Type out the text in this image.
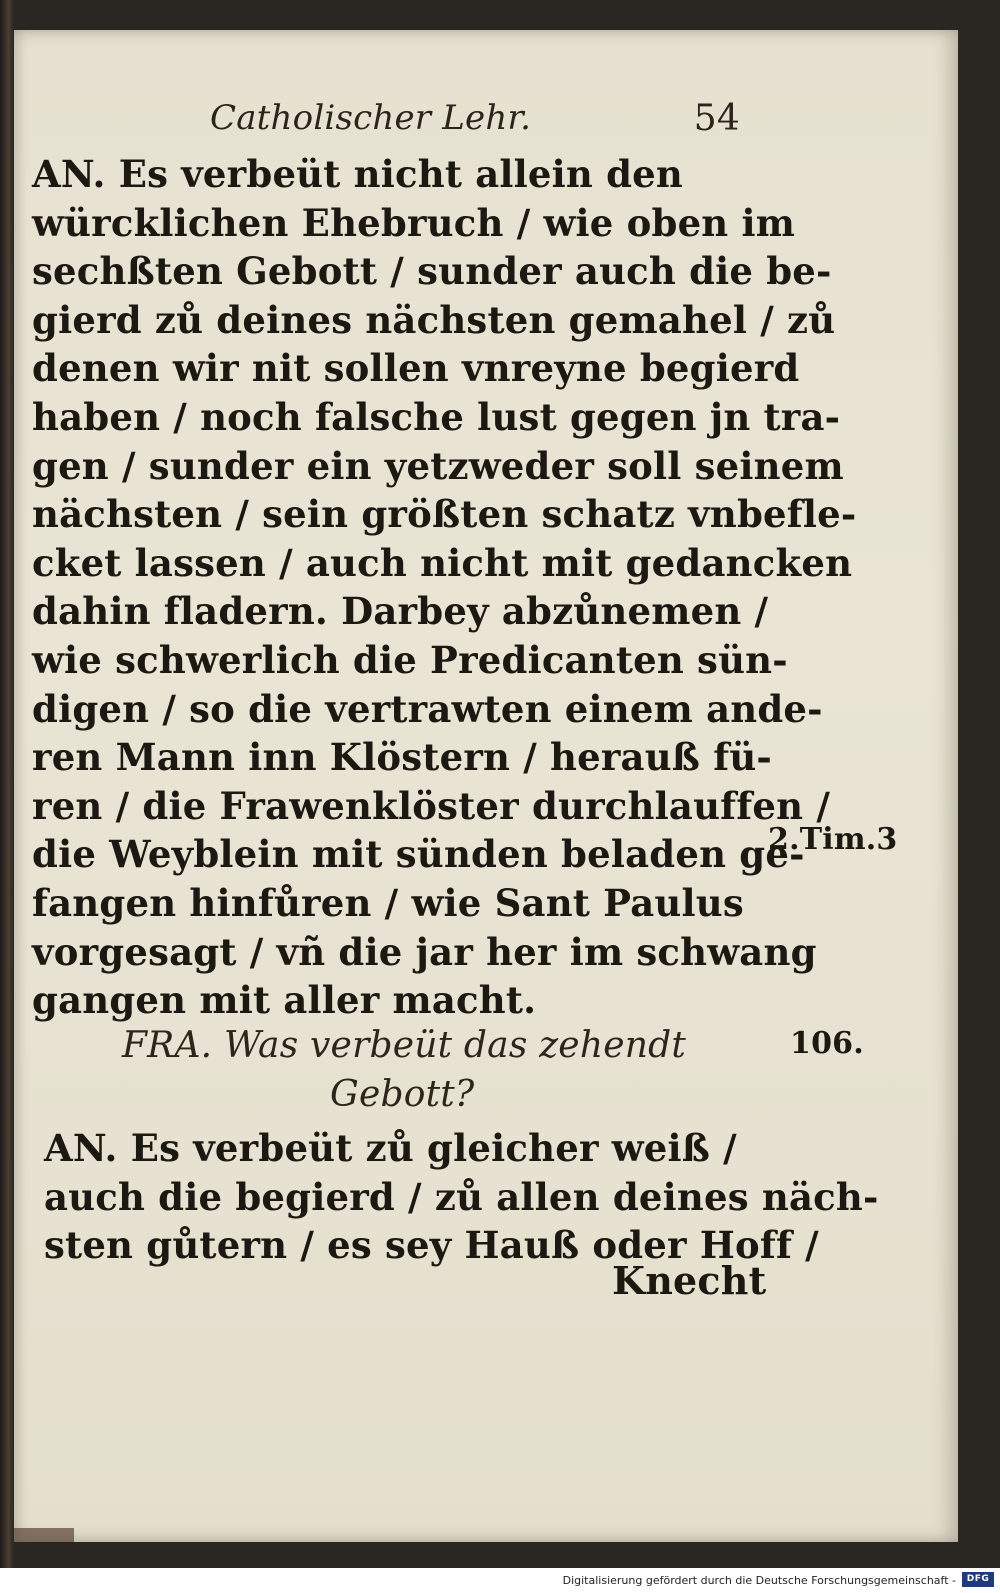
Catholischer Lehr.	54
AN. Es verbeüt nicht allein den
würcklichen Ehebruch / wie oben im
sechßten Gebott / sunder auch die be-
gierd zů deines nächsten gemahel / zů
denen wir nit sollen vnreyne begierd
haben / noch falsche lust gegen jn tra-
gen / sunder ein yetzweder soll seinem
nächsten / sein größten schatz vnbefle-
cket lassen / auch nicht mit gedancken
dahin fladern. Darbey abzůnemen /
wie schwerlich die Predicanten sün-
digen / so die vertrawten einem ande-
ren Mann inn Klöstern / herauß fü-
ren / die Frawenklöster durchlauffen /
die Weyblein mit sünden beladen ge-
fangen hinfůren / wie Sant Paulus
vorgesagt / vñ die jar her im schwang
gangen mit aller macht.
FRA. Was verbeüt das zehendt
Gebott?
AN. Es verbeüt zů gleicher weiß /
auch die begierd / zů allen deines näch-
sten gůtern / es sey Hauß oder Hoff /
Knecht
2.Tim.3
106.
Digitalisierung gefördert durch die Deutsche Forschungsgemeinschaft -	DFG
